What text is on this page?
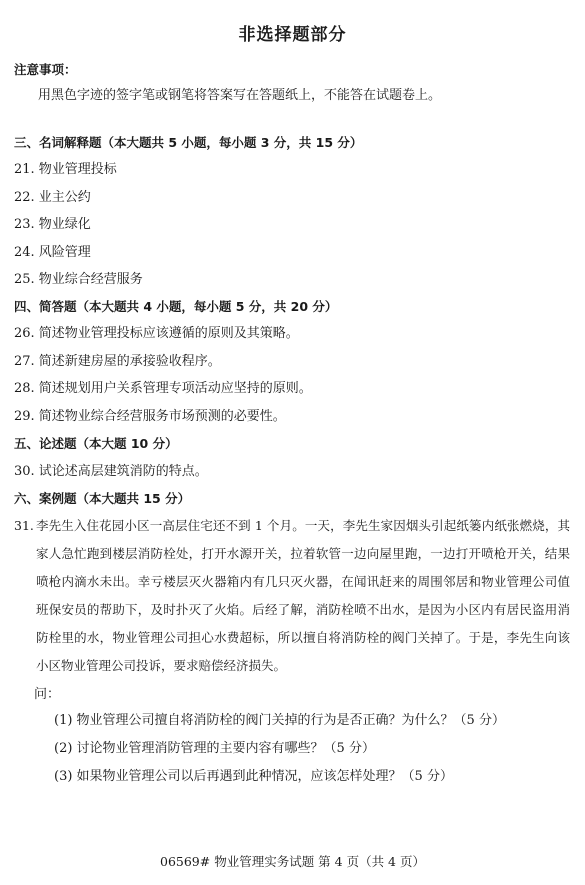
非选择题部分
注意事项：
用黑色字迹的签字笔或钢笔将答案写在答题纸上，不能答在试题卷上。
三、名词解释题（本大题共 5 小题，每小题 3 分，共 15 分）
21. 物业管理投标
22. 业主公约
23. 物业绿化
24. 风险管理
25. 物业综合经营服务
四、简答题（本大题共 4 小题，每小题 5 分，共 20 分）
26. 简述物业管理投标应该遵循的原则及其策略。
27. 简述新建房屋的承接验收程序。
28. 简述规划用户关系管理专项活动应坚持的原则。
29. 简述物业综合经营服务市场预测的必要性。
五、论述题（本大题 10 分）
30. 试论述高层建筑消防的特点。
六、案例题（本大题共 15 分）
31. 李先生入住花园小区一高层住宅还不到 1 个月。一天，李先生家因烟头引起纸篓内纸张燃烧，其家人急忙跑到楼层消防栓处，打开水源开关，拉着软管一边向屋里跑，一边打开喷枪开关，结果喷枪内滴水未出。幸亏楼层灭火器箱内有几只灭火器，在闻讯赶来的周围邻居和物业管理公司值班保安员的帮助下，及时扑灭了火焰。后经了解，消防栓喷不出水，是因为小区内有居民盗用消防栓里的水，物业管理公司担心水费超标，所以擅自将消防栓的阀门关掉了。于是，李先生向该小区物业管理公司投诉，要求赔偿经济损失。
问：
(1) 物业管理公司擅自将消防栓的阀门关掉的行为是否正确？为什么？（5 分）
(2) 讨论物业管理消防管理的主要内容有哪些？（5 分）
(3) 如果物业管理公司以后再遇到此种情况，应该怎样处理？（5 分）
06569# 物业管理实务试题 第 4 页（共 4 页）
